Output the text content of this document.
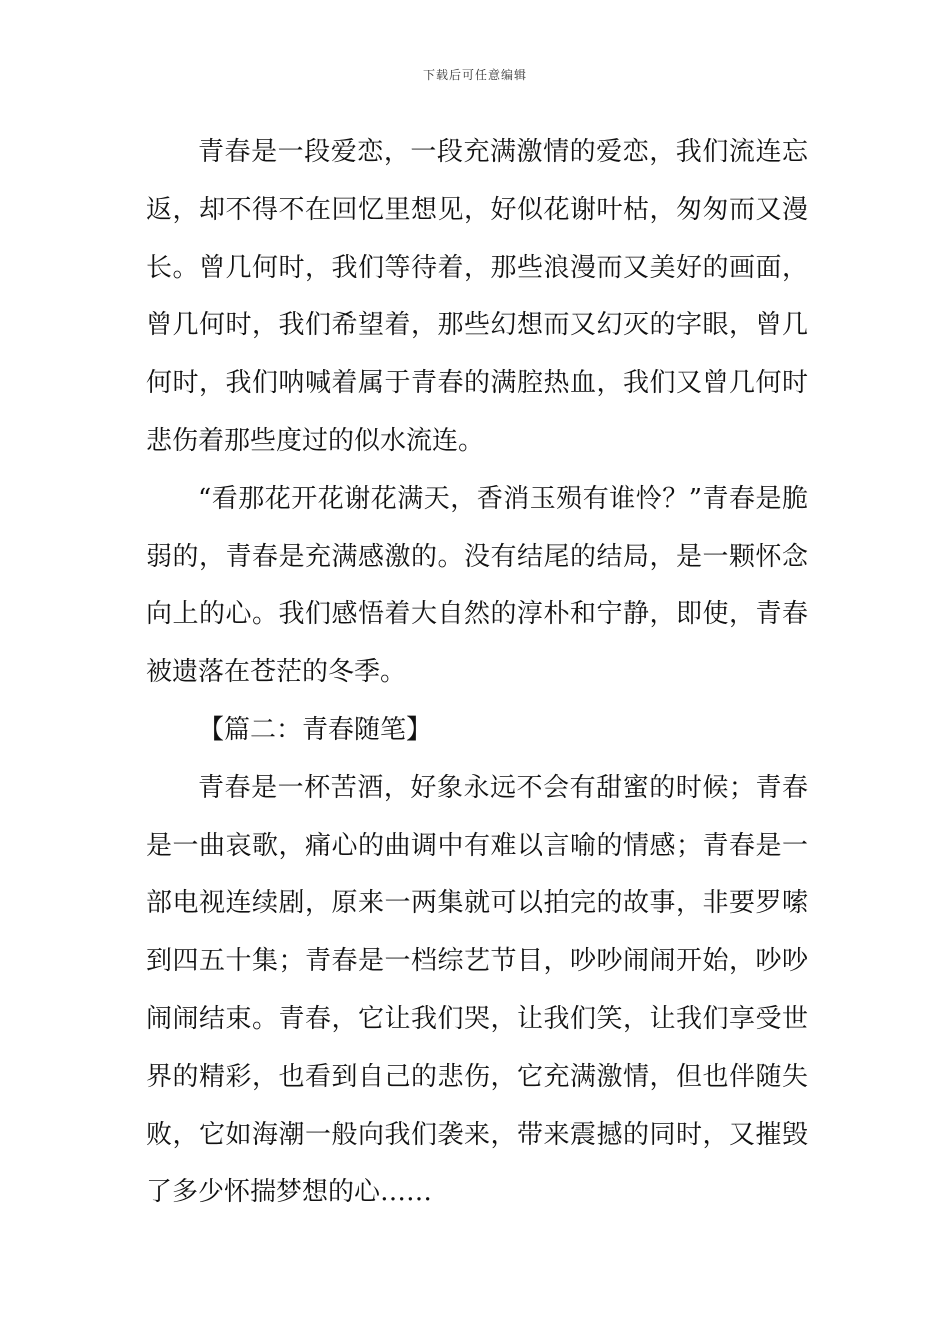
下载后可任意编辑

青春是一段爱恋，一段充满激情的爱恋，我们流连忘返，却不得不在回忆里想见，好似花谢叶枯，匆匆而又漫长。曾几何时，我们等待着，那些浪漫而又美好的画面，曾几何时，我们希望着，那些幻想而又幻灭的字眼，曾几何时，我们呐喊着属于青春的满腔热血，我们又曾几何时悲伤着那些度过的似水流连。

“看那花开花谢花满天，香消玉殒有谁怜？”青春是脆弱的，青春是充满感激的。没有结尾的结局，是一颗怀念向上的心。我们感悟着大自然的淳朴和宁静，即使，青春被遗落在苍茫的冬季。

【篇二：青春随笔】

青春是一杯苦酒，好象永远不会有甜蜜的时候；青春是一曲哀歌，痛心的曲调中有难以言喻的情感；青春是一部电视连续剧，原来一两集就可以拍完的故事，非要罗嗦到四五十集；青春是一档综艺节目，吵吵闹闹开始，吵吵闹闹结束。青春，它让我们哭，让我们笑，让我们享受世界的精彩，也看到自己的悲伤，它充满激情，但也伴随失败，它如海潮一般向我们袭来，带来震撼的同时，又摧毁了多少怀揣梦想的心……
